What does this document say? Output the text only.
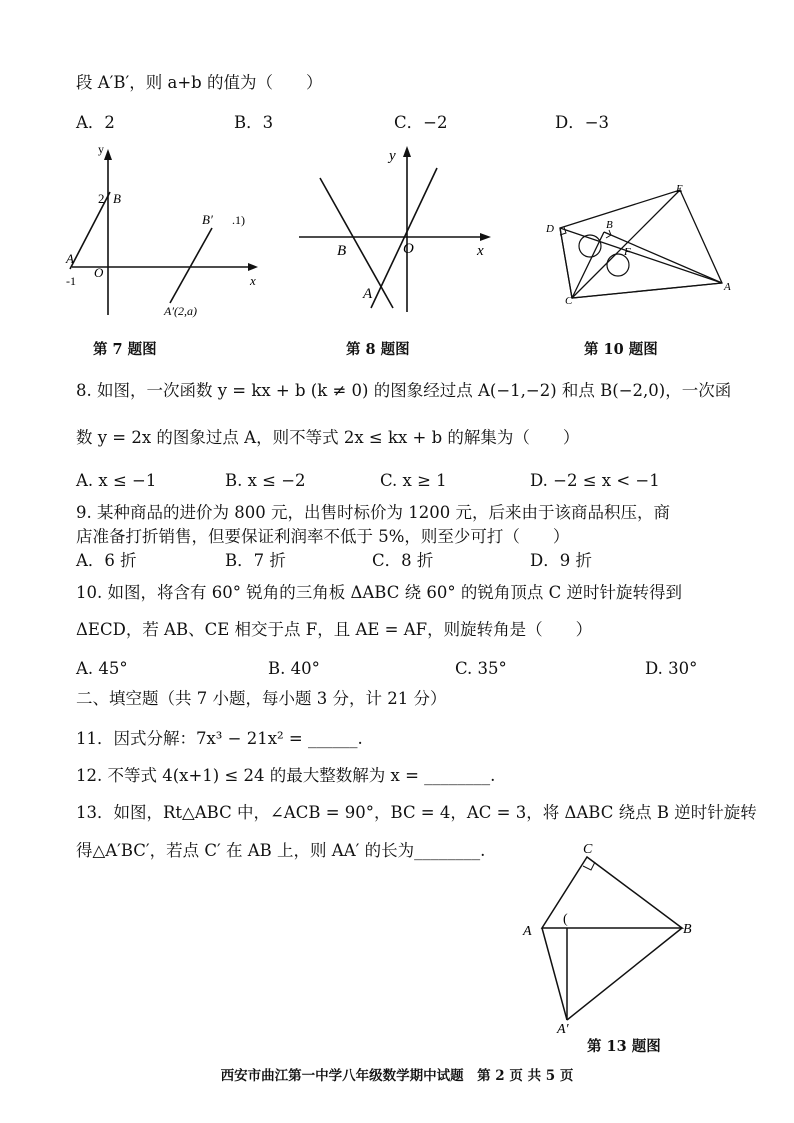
段 A′B′，则 a+b 的值为（　　）
A．2	B．3	C．−2	D．−3
y
x
2 B
A
-1
O
B′ .1)
A′(2,a)
第 7 题图
y
x
B	O
A
第 8 题图
D	B
E
F
C
A
第 10 题图
8. 如图，一次函数 y = kx + b (k ≠ 0) 的图象经过点 A(−1,−2) 和点 B(−2,0)，一次函
数 y = 2x 的图象过点 A，则不等式 2x ≤ kx + b 的解集为（　　）
A. x ≤ −1	B. x ≤ −2	C. x ≥ 1	D. −2 ≤ x < −1
9. 某种商品的进价为 800 元，出售时标价为 1200 元，后来由于该商品积压，商
店准备打折销售，但要保证利润率不低于 5%，则至少可打（　　）
A．6 折	B．7 折	C．8 折	D．9 折
10. 如图，将含有 60° 锐角的三角板 ΔABC 绕 60° 的锐角顶点 C 逆时针旋转得到
ΔECD，若 AB、CE 相交于点 F，且 AE = AF，则旋转角是（　　）
A. 45°	B. 40°	C. 35°	D. 30°
二、填空题（共 7 小题，每小题 3 分，计 21 分）
11．因式分解：7x³ − 21x² = ______.
12. 不等式 4(x+1) ≤ 24 的最大整数解为 x = ________.
13．如图，Rt△ABC 中，∠ACB = 90°，BC = 4，AC = 3，将 ΔABC 绕点 B 逆时针旋转
得△A′BC′，若点 C′ 在 AB 上，则 AA′ 的长为________.	C
A	B
(
A′
第 13 题图
西安市曲江第一中学八年级数学期中试题　第 2 页 共 5 页
